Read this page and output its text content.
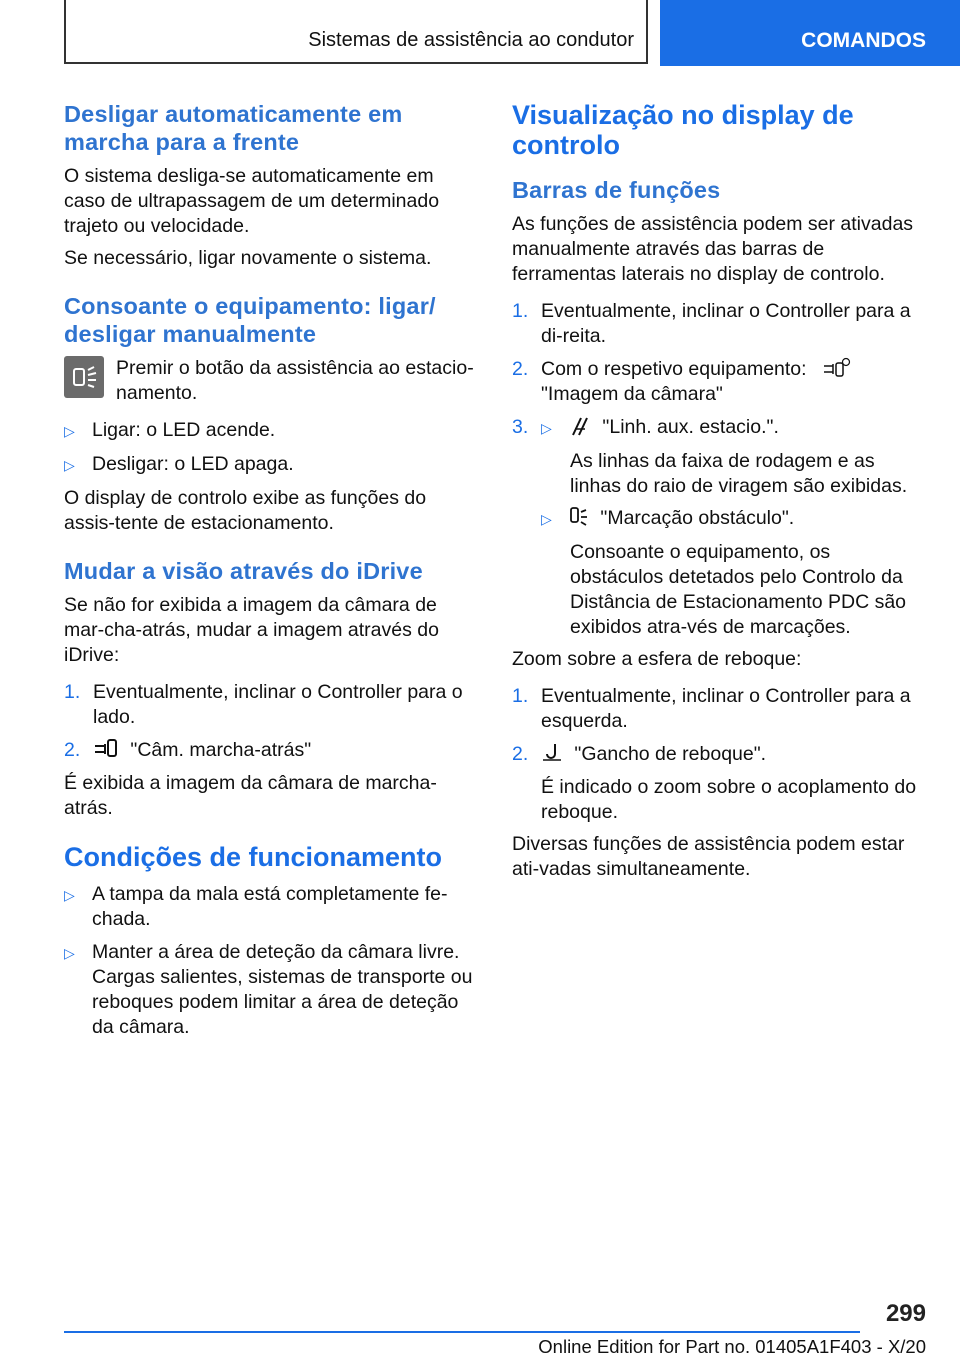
Sistemas de assistência ao condutor	COMANDOS
Desligar automaticamente em marcha para a frente
O sistema desliga-se automaticamente em caso de ultrapassagem de um determinado trajeto ou velocidade.
Se necessário, ligar novamente o sistema.
Consoante o equipamento: ligar/ desligar manualmente
Premir o botão da assistência ao estacio-namento.
▷ Ligar: o LED acende.
▷ Desligar: o LED apaga.
O display de controlo exibe as funções do assis-tente de estacionamento.
Mudar a visão através do iDrive
Se não for exibida a imagem da câmara de mar-cha-atrás, mudar a imagem através do iDrive:
1. Eventualmente, inclinar o Controller para o lado.
2.	"Câm. marcha-atrás"
É exibida a imagem da câmara de marcha-atrás.
Condições de funcionamento
▷ A tampa da mala está completamente fe-chada.
▷ Manter a área de deteção da câmara livre. Cargas salientes, sistemas de transporte ou reboques podem limitar a área de deteção da câmara.
Visualização no display de controlo
Barras de funções
As funções de assistência podem ser ativadas manualmente através das barras de ferramentas laterais no display de controlo.
1. Eventualmente, inclinar o Controller para a di-reita.
2. Com o respetivo equipamento:
"Imagem da câmara"
3. ▷	"Linh. aux. estacio.".
As linhas da faixa de rodagem e as linhas do raio de viragem são exibidas.
▷	"Marcação obstáculo".
Consoante o equipamento, os obstáculos detetados pelo Controlo da Distância de Estacionamento PDC são exibidos atra-vés de marcações.
Zoom sobre a esfera de reboque:
1. Eventualmente, inclinar o Controller para a esquerda.
2.	"Gancho de reboque".
É indicado o zoom sobre o acoplamento do reboque.
Diversas funções de assistência podem estar ati-vadas simultaneamente.
299
Online Edition for Part no. 01405A1F403 - X/20
